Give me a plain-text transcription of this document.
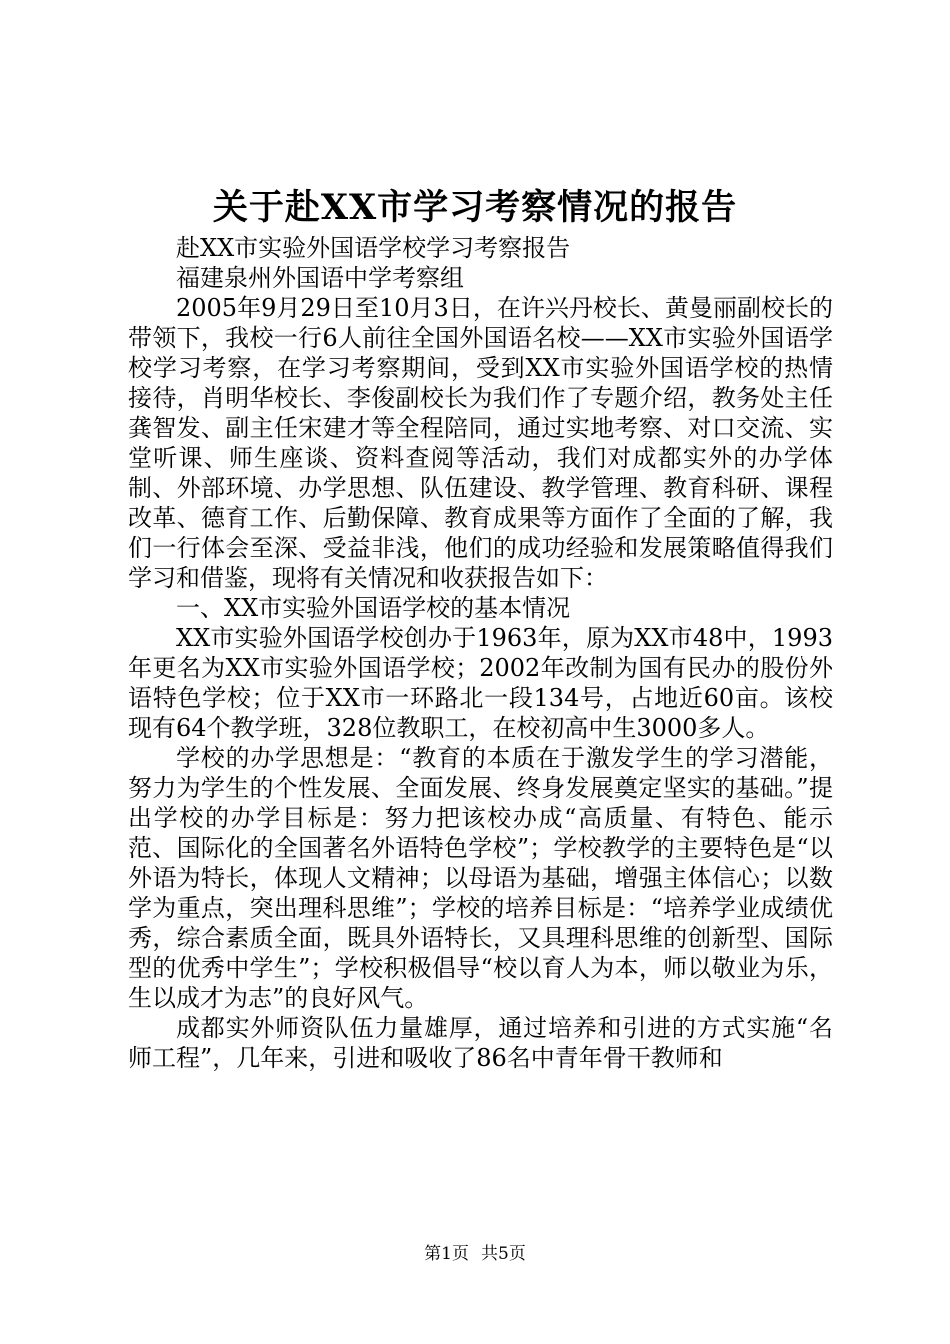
关于赴XX市学习考察情况的报告

赴XX市实验外国语学校学习考察报告

福建泉州外国语中学考察组

2005年9月29日至10月3日，在许兴丹校长、黄曼丽副校长的带领下，我校一行6人前往全国外国语名校——XX市实验外国语学校学习考察，在学习考察期间，受到XX市实验外国语学校的热情接待，肖明华校长、李俊副校长为我们作了专题介绍，教务处主任龚智发、副主任宋建才等全程陪同，通过实地考察、对口交流、实堂听课、师生座谈、资料查阅等活动，我们对成都实外的办学体制、外部环境、办学思想、队伍建设、教学管理、教育科研、课程改革、德育工作、后勤保障、教育成果等方面作了全面的了解，我们一行体会至深、受益非浅，他们的成功经验和发展策略值得我们学习和借鉴，现将有关情况和收获报告如下：

一、XX市实验外国语学校的基本情况

XX市实验外国语学校创办于1963年，原为XX市48中，1993年更名为XX市实验外国语学校；2002年改制为国有民办的股份外语特色学校；位于XX市一环路北一段134号，占地近60亩。该校现有64个教学班，328位教职工，在校初高中生3000多人。

学校的办学思想是：“教育的本质在于激发学生的学习潜能，努力为学生的个性发展、全面发展、终身发展奠定坚实的基础。”提出学校的办学目标是：努力把该校办成“高质量、有特色、能示范、国际化的全国著名外语特色学校”；学校教学的主要特色是“以外语为特长，体现人文精神；以母语为基础，增强主体信心；以数学为重点，突出理科思维”；学校的培养目标是：“培养学业成绩优秀，综合素质全面，既具外语特长，又具理科思维的创新型、国际型的优秀中学生”；学校积极倡导“校以育人为本，师以敬业为乐，生以成才为志”的良好风气。

成都实外师资队伍力量雄厚，通过培养和引进的方式实施“名师工程”，几年来，引进和吸收了86名中青年骨干教师和

第1页 共5页
